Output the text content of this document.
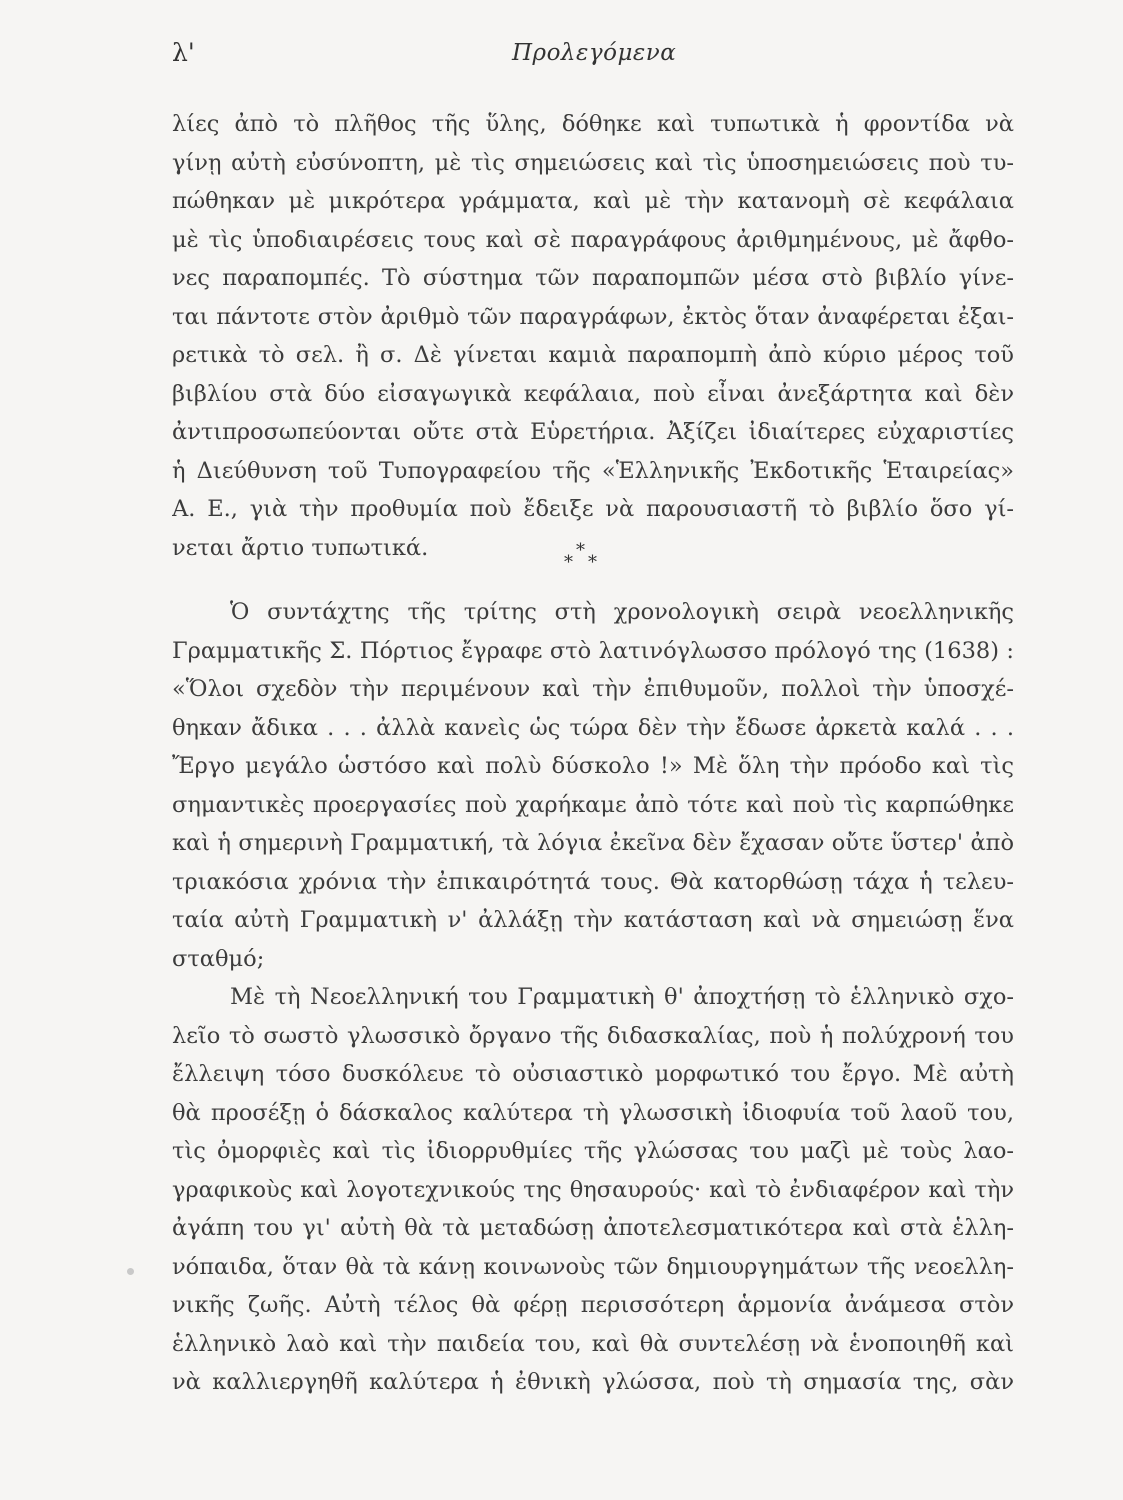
λ'	Προλεγόμενα
λίες ἀπὸ τὸ πλῆθος τῆς ὕλης, δόθηκε καὶ τυπωτικὰ ἡ φροντίδα νὰ
γίνῃ αὐτὴ εὐσύνοπτη, μὲ τὶς σημειώσεις καὶ τὶς ὑποσημειώσεις ποὺ τυ-
πώθηκαν μὲ μικρότερα γράμματα, καὶ μὲ τὴν κατανομὴ σὲ κεφάλαια
μὲ τὶς ὑποδιαιρέσεις τους καὶ σὲ παραγράφους ἀριθμημένους, μὲ ἄφθο-
νες παραπομπές. Τὸ σύστημα τῶν παραπομπῶν μέσα στὸ βιβλίο γίνε-
ται πάντοτε στὸν ἀριθμὸ τῶν παραγράφων, ἐκτὸς ὅταν ἀναφέρεται ἐξαι-
ρετικὰ τὸ σελ. ἢ σ. Δὲ γίνεται καμιὰ παραπομπὴ ἀπὸ κύριο μέρος τοῦ
βιβλίου στὰ δύο εἰσαγωγικὰ κεφάλαια, ποὺ εἶναι ἀνεξάρτητα καὶ δὲν
ἀντιπροσωπεύονται οὔτε στὰ Εὑρετήρια. Ἀξίζει ἰδιαίτερες εὐχαριστίες
ἡ Διεύθυνση τοῦ Τυπογραφείου τῆς «Ἑλληνικῆς Ἐκδοτικῆς Ἑταιρείας»
Α. Ε., γιὰ τὴν προθυμία ποὺ ἔδειξε νὰ παρουσιαστῆ τὸ βιβλίο ὅσο γί-
νεται ἄρτιο τυπωτικά.	*
* *
Ὁ συντάχτης τῆς τρίτης στὴ χρονολογικὴ σειρὰ νεοελληνικῆς
Γραμματικῆς Σ. Πόρτιος ἔγραφε στὸ λατινόγλωσσο πρόλογό της (1638) :
«Ὅλοι σχεδὸν τὴν περιμένουν καὶ τὴν ἐπιθυμοῦν, πολλοὶ τὴν ὑποσχέ-
θηκαν ἄδικα . . . ἀλλὰ κανεὶς ὡς τώρα δὲν τὴν ἔδωσε ἀρκετὰ καλά . . .
Ἔργο μεγάλο ὡστόσο καὶ πολὺ δύσκολο !» Μὲ ὅλη τὴν πρόοδο καὶ τὶς
σημαντικὲς προεργασίες ποὺ χαρήκαμε ἀπὸ τότε καὶ ποὺ τὶς καρπώθηκε
καὶ ἡ σημερινὴ Γραμματική, τὰ λόγια ἐκεῖνα δὲν ἔχασαν οὔτε ὕστερ' ἀπὸ
τριακόσια χρόνια τὴν ἐπικαιρότητά τους. Θὰ κατορθώσῃ τάχα ἡ τελευ-
ταία αὐτὴ Γραμματικὴ ν' ἀλλάξῃ τὴν κατάσταση καὶ νὰ σημειώσῃ ἕνα
σταθμό;
Μὲ τὴ Νεοελληνική του Γραμματικὴ θ' ἀποχτήσῃ τὸ ἑλληνικὸ σχο-
λεῖο τὸ σωστὸ γλωσσικὸ ὄργανο τῆς διδασκαλίας, ποὺ ἡ πολύχρονή του
ἔλλειψη τόσο δυσκόλευε τὸ οὐσιαστικὸ μορφωτικό του ἔργο. Μὲ αὐτὴ
θὰ προσέξῃ ὁ δάσκαλος καλύτερα τὴ γλωσσικὴ ἰδιοφυία τοῦ λαοῦ του,
τὶς ὀμορφιὲς καὶ τὶς ἰδιορρυθμίες τῆς γλώσσας του μαζὶ μὲ τοὺς λαο-
γραφικοὺς καὶ λογοτεχνικούς της θησαυρούς· καὶ τὸ ἐνδιαφέρον καὶ τὴν
ἀγάπη του γι' αὐτὴ θὰ τὰ μεταδώσῃ ἀποτελεσματικότερα καὶ στὰ ἑλλη-
νόπαιδα, ὅταν θὰ τὰ κάνῃ κοινωνοὺς τῶν δημιουργημάτων τῆς νεοελλη-
νικῆς ζωῆς. Αὐτὴ τέλος θὰ φέρῃ περισσότερη ἁρμονία ἀνάμεσα στὸν
ἑλληνικὸ λαὸ καὶ τὴν παιδεία του, καὶ θὰ συντελέσῃ νὰ ἑνοποιηθῆ καὶ
νὰ καλλιεργηθῆ καλύτερα ἡ ἐθνικὴ γλώσσα, ποὺ τὴ σημασία της, σὰν
